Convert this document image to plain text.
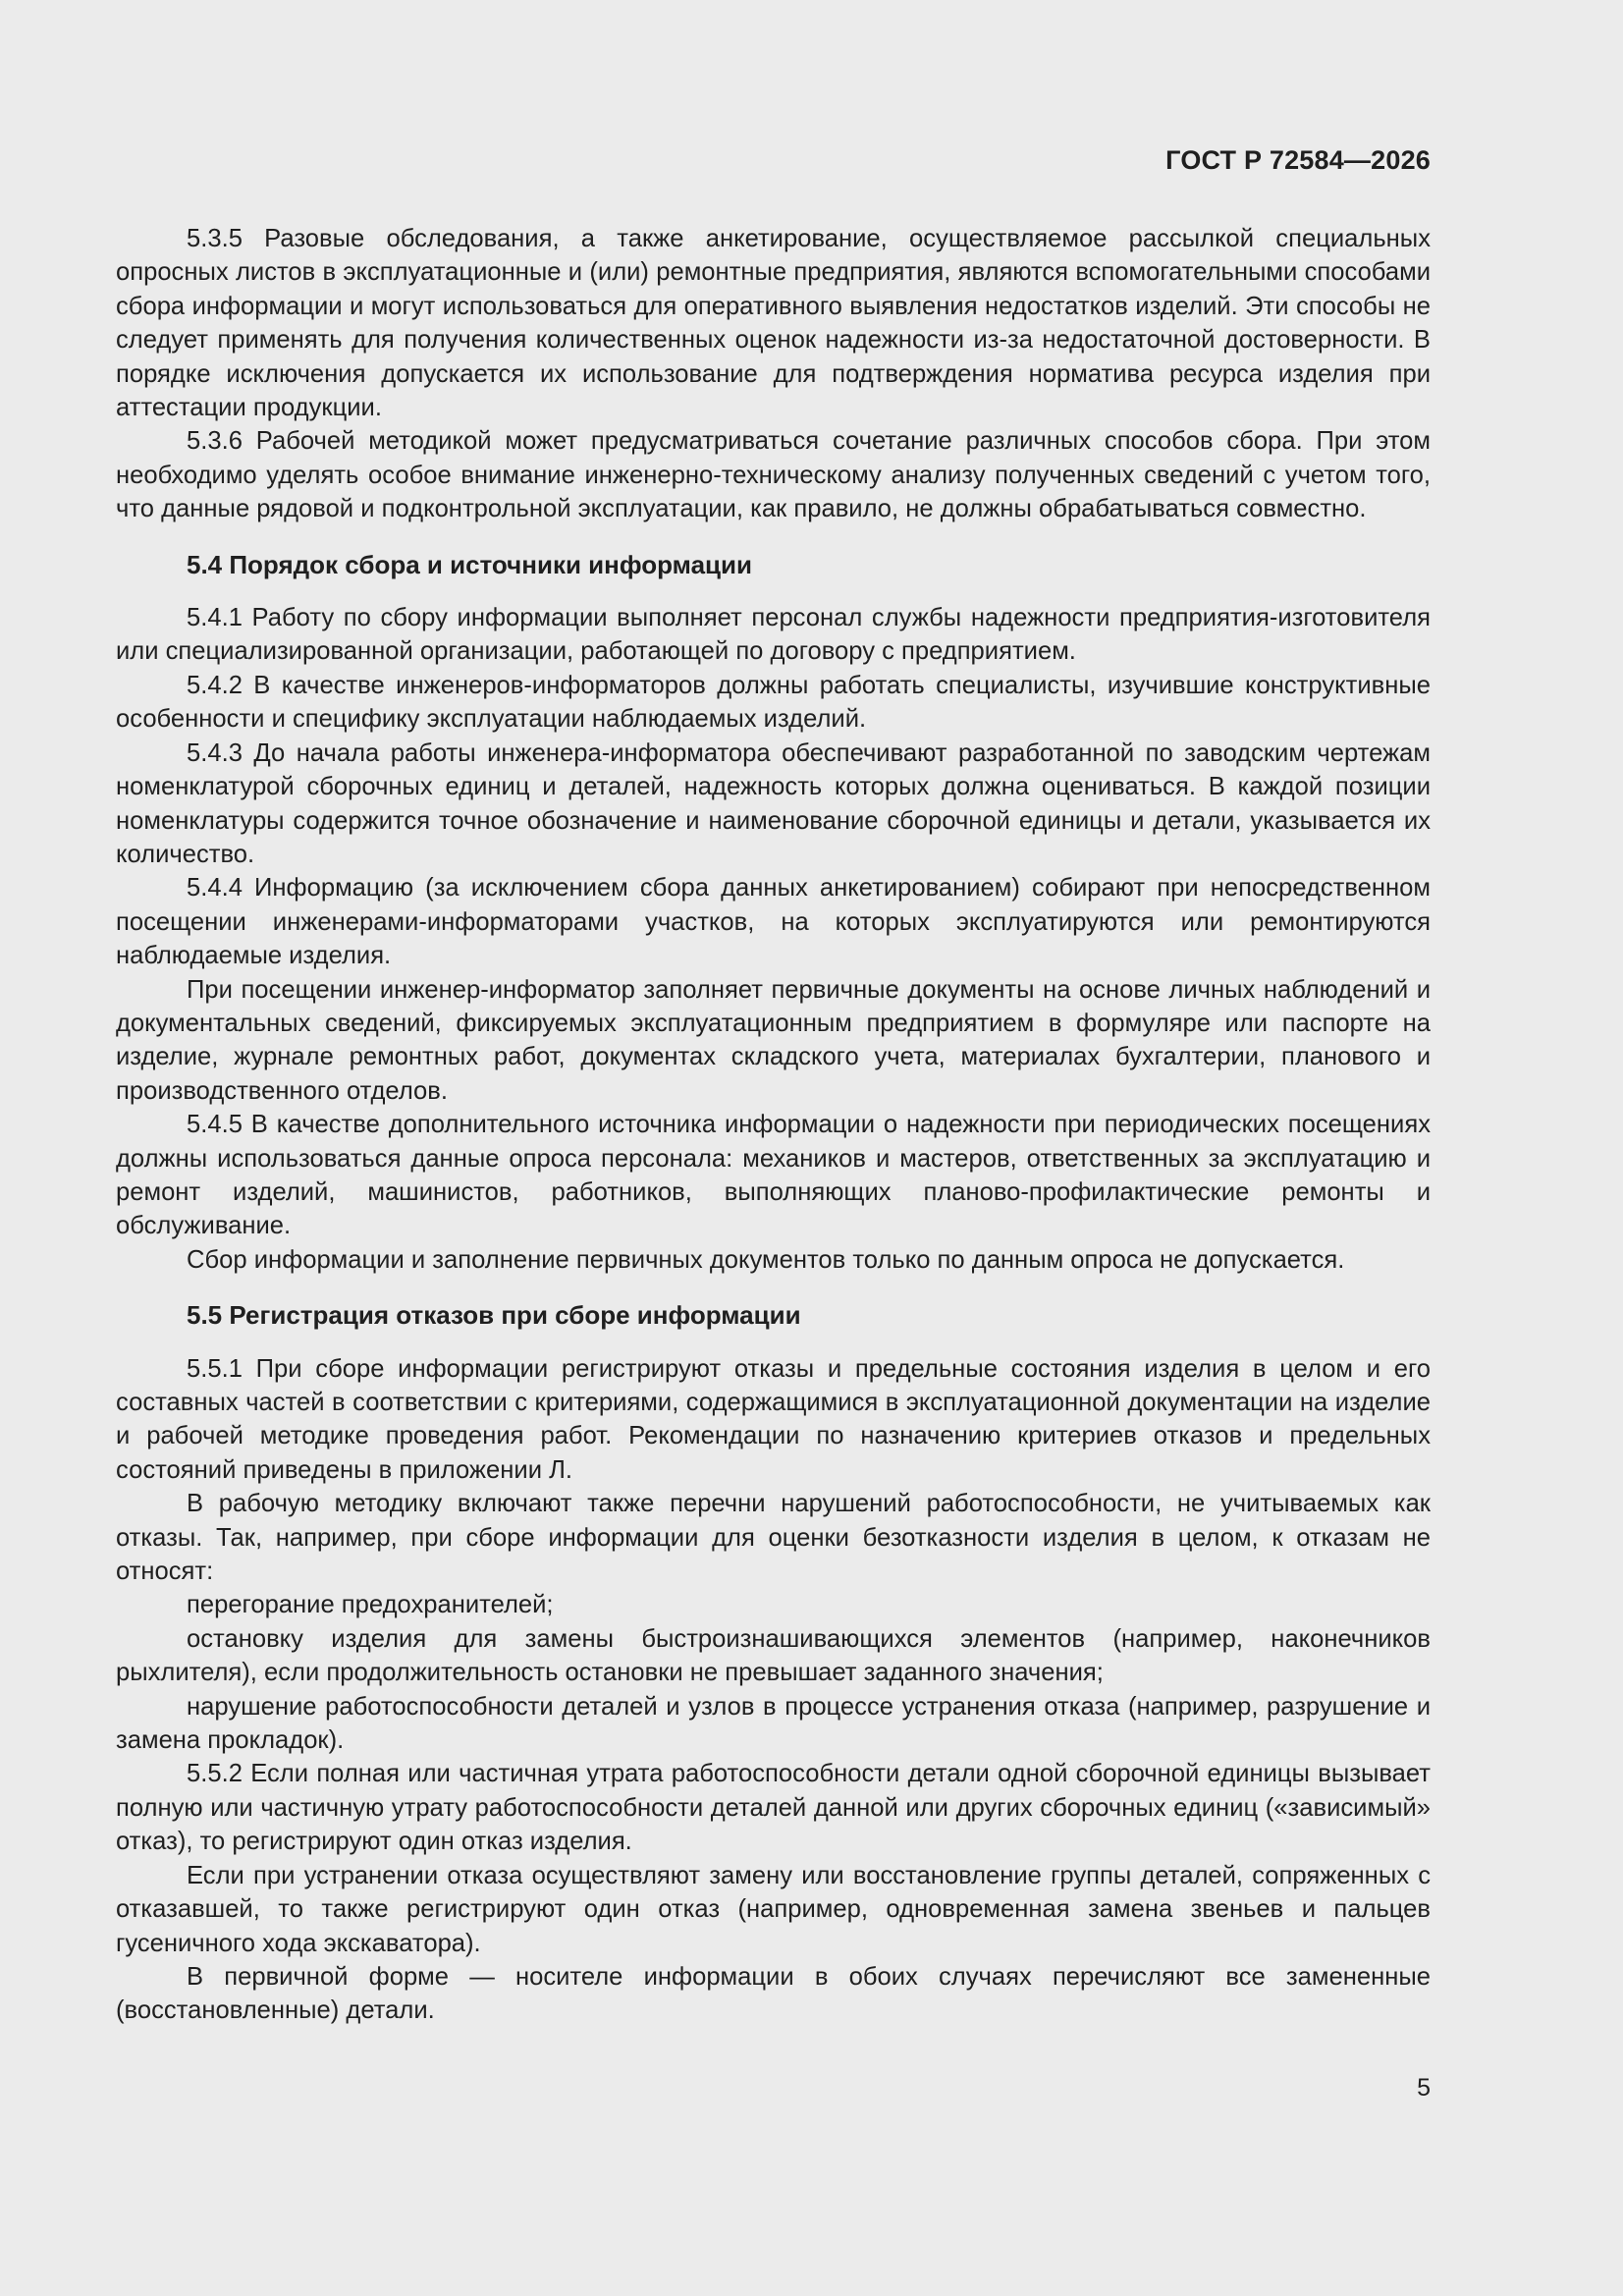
ГОСТ Р 72584—2026

5.3.5 Разовые обследования, а также анкетирование, осуществляемое рассылкой специальных опросных листов в эксплуатационные и (или) ремонтные предприятия, являются вспомогательными способами сбора информации и могут использоваться для оперативного выявления недостатков изделий. Эти способы не следует применять для получения количественных оценок надежности из-за недостаточной достоверности. В порядке исключения допускается их использование для подтверждения норматива ресурса изделия при аттестации продукции.

5.3.6 Рабочей методикой может предусматриваться сочетание различных способов сбора. При этом необходимо уделять особое внимание инженерно-техническому анализу полученных сведений с учетом того, что данные рядовой и подконтрольной эксплуатации, как правило, не должны обрабатываться совместно.

5.4 Порядок сбора и источники информации

5.4.1 Работу по сбору информации выполняет персонал службы надежности предприятия-изготовителя или специализированной организации, работающей по договору с предприятием.

5.4.2 В качестве инженеров-информаторов должны работать специалисты, изучившие конструктивные особенности и специфику эксплуатации наблюдаемых изделий.

5.4.3 До начала работы инженера-информатора обеспечивают разработанной по заводским чертежам номенклатурой сборочных единиц и деталей, надежность которых должна оцениваться. В каждой позиции номенклатуры содержится точное обозначение и наименование сборочной единицы и детали, указывается их количество.

5.4.4 Информацию (за исключением сбора данных анкетированием) собирают при непосредственном посещении инженерами-информаторами участков, на которых эксплуатируются или ремонтируются наблюдаемые изделия.

При посещении инженер-информатор заполняет первичные документы на основе личных наблюдений и документальных сведений, фиксируемых эксплуатационным предприятием в формуляре или паспорте на изделие, журнале ремонтных работ, документах складского учета, материалах бухгалтерии, планового и производственного отделов.

5.4.5 В качестве дополнительного источника информации о надежности при периодических посещениях должны использоваться данные опроса персонала: механиков и мастеров, ответственных за эксплуатацию и ремонт изделий, машинистов, работников, выполняющих планово-профилактические ремонты и обслуживание.

Сбор информации и заполнение первичных документов только по данным опроса не допускается.

5.5 Регистрация отказов при сборе информации

5.5.1 При сборе информации регистрируют отказы и предельные состояния изделия в целом и его составных частей в соответствии с критериями, содержащимися в эксплуатационной документации на изделие и рабочей методике проведения работ. Рекомендации по назначению критериев отказов и предельных состояний приведены в приложении Л.

В рабочую методику включают также перечни нарушений работоспособности, не учитываемых как отказы. Так, например, при сборе информации для оценки безотказности изделия в целом, к отказам не относят:

перегорание предохранителей;

остановку изделия для замены быстроизнашивающихся элементов (например, наконечников рыхлителя), если продолжительность остановки не превышает заданного значения;

нарушение работоспособности деталей и узлов в процессе устранения отказа (например, разрушение и замена прокладок).

5.5.2 Если полная или частичная утрата работоспособности детали одной сборочной единицы вызывает полную или частичную утрату работоспособности деталей данной или других сборочных единиц («зависимый» отказ), то регистрируют один отказ изделия.

Если при устранении отказа осуществляют замену или восстановление группы деталей, сопряженных с отказавшей, то также регистрируют один отказ (например, одновременная замена звеньев и пальцев гусеничного хода экскаватора).

В первичной форме — носителе информации в обоих случаях перечисляют все замененные (восстановленные) детали.

5
